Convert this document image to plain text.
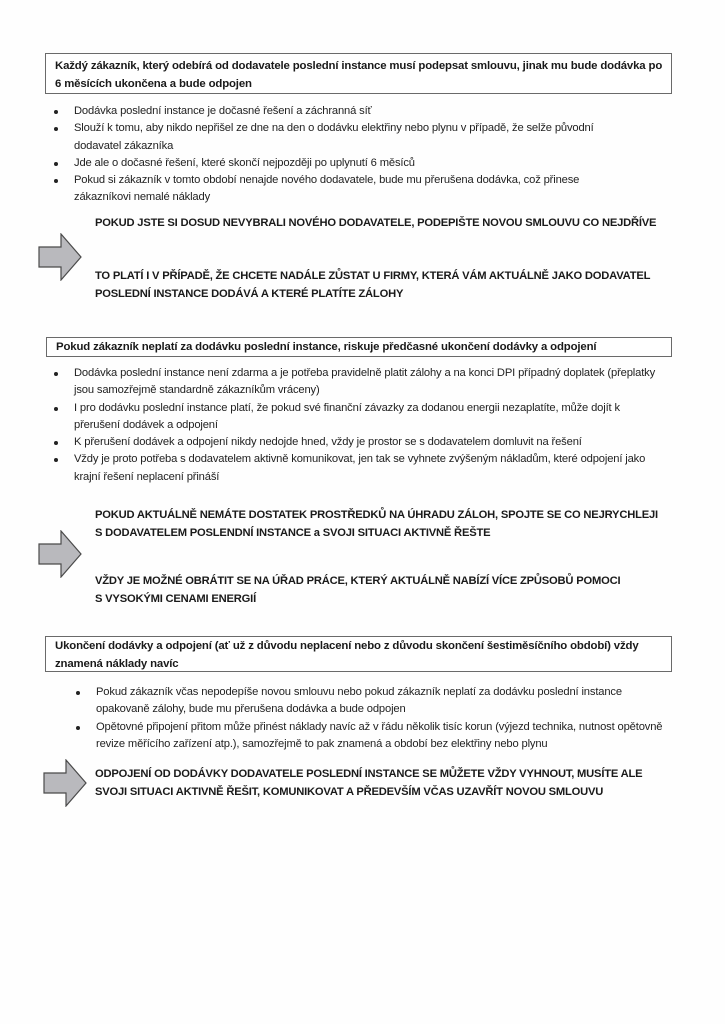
Každý zákazník, který odebírá od dodavatele poslední instance musí podepsat smlouvu, jinak mu bude dodávka po 6 měsících ukončena a bude odpojen
Dodávka poslední instance je dočasné řešení a záchranná síť
Slouží k tomu, aby nikdo nepřišel ze dne na den o dodávku elektřiny nebo plynu v případě, že selže původní dodavatel zákazníka
Jde ale o dočasné řešení, které skončí nejpozději po uplynutí 6 měsíců
Pokud si zákazník v tomto období nenajde nového dodavatele, bude mu přerušena dodávka, což přinese zákazníkovi nemalé náklady
POKUD JSTE SI DOSUD NEVYBRALI NOVÉHO DODAVATELE, PODEPIŠTE NOVOU SMLOUVU CO NEJDŘÍVE
TO PLATÍ I V PŘÍPADĚ, ŽE CHCETE NADÁLE ZŮSTAT U FIRMY, KTERÁ VÁM AKTUÁLNĚ JAKO DODAVATEL POSLEDNÍ INSTANCE DODÁVÁ A KTERÉ PLATÍTE ZÁLOHY
Pokud zákazník neplatí za dodávku poslední instance, riskuje předčasné ukončení dodávky a odpojení
Dodávka poslední instance není zdarma a je potřeba pravidelně platit zálohy a na konci DPI případný doplatek (přeplatky jsou samozřejmě standardně zákazníkům vráceny)
I pro dodávku poslední instance platí, že pokud své finanční závazky za dodanou energii nezaplatíte, může dojít k přerušení dodávek a odpojení
K přerušení dodávek a odpojení nikdy nedojde hned, vždy je prostor se s dodavatelem domluvit na řešení
Vždy je proto potřeba s dodavatelem aktivně komunikovat, jen tak se vyhnete zvýšeným nákladům, které odpojení jako krajní řešení neplacení přináší
POKUD AKTUÁLNĚ NEMÁTE DOSTATEK PROSTŘEDKŮ NA ÚHRADU ZÁLOH, SPOJTE SE CO NEJRYCHLEJI S DODAVATELEM POSLENDNÍ INSTANCE a SVOJI SITUACI AKTIVNĚ ŘEŠTE
VŽDY JE MOŽNÉ OBRÁTIT SE NA ÚŘAD PRÁCE, KTERÝ AKTUÁLNĚ NABÍZÍ VÍCE ZPŮSOBŮ POMOCI S VYSOKÝMI CENAMI ENERGIÍ
Ukončení dodávky a odpojení (ať už z důvodu neplacení nebo z důvodu skončení šestiměsíčního období) vždy znamená náklady navíc
Pokud zákazník včas nepodepíše novou smlouvu nebo pokud zákazník neplatí za dodávku poslední instance opakovaně zálohy, bude mu přerušena dodávka a bude odpojen
Opětovné připojení přitom může přinést náklady navíc až v řádu několik tisíc korun (výjezd technika, nutnost opětovně revize měřícího zařízení atp.), samozřejmě to pak znamená a období bez elektřiny nebo plynu
ODPOJENÍ OD DODÁVKY DODAVATELE POSLEDNÍ INSTANCE SE MŮŽETE VŽDY VYHNOUT, MUSÍTE ALE SVOJI SITUACI AKTIVNĚ ŘEŠIT, KOMUNIKOVAT A PŘEDEVŠÍM VČAS UZAVŘÍT NOVOU SMLOUVU
